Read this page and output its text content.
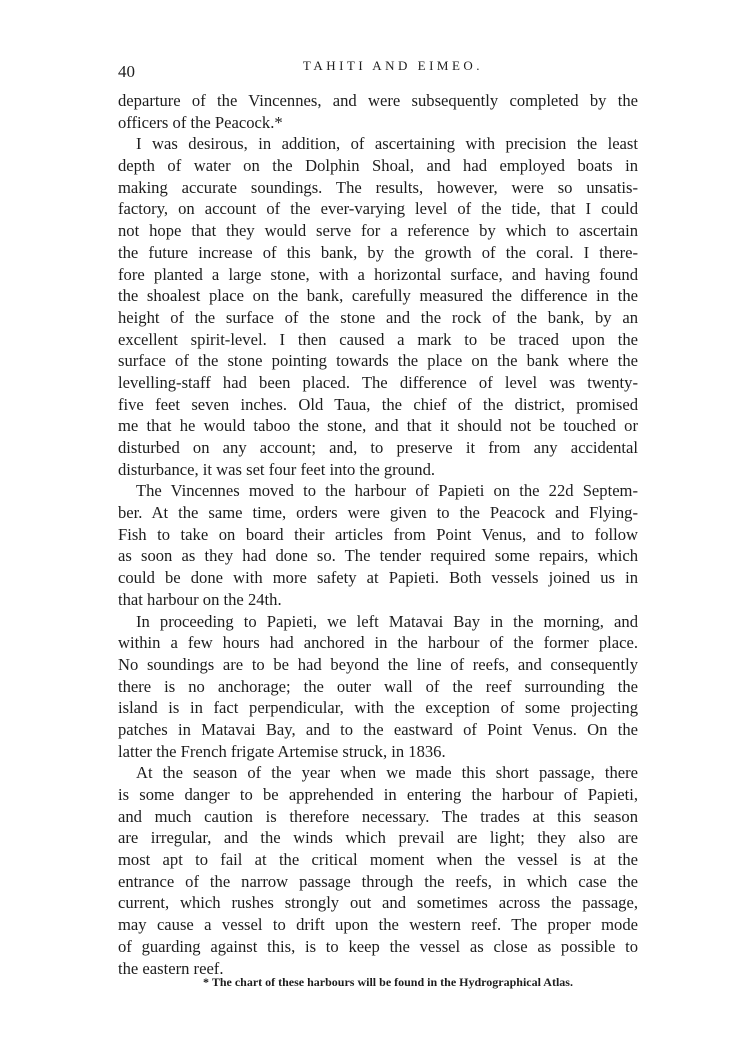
40	TAHITI AND EIMEO.
departure of the Vincennes, and were subsequently completed by the
officers of the Peacock.*
I was desirous, in addition, of ascertaining with precision the least
depth of water on the Dolphin Shoal, and had employed boats in
making accurate soundings. The results, however, were so unsatis-
factory, on account of the ever-varying level of the tide, that I could
not hope that they would serve for a reference by which to ascertain
the future increase of this bank, by the growth of the coral. I there-
fore planted a large stone, with a horizontal surface, and having found
the shoalest place on the bank, carefully measured the difference in the
height of the surface of the stone and the rock of the bank, by an
excellent spirit-level. I then caused a mark to be traced upon the
surface of the stone pointing towards the place on the bank where the
levelling-staff had been placed. The difference of level was twenty-
five feet seven inches. Old Taua, the chief of the district, promised
me that he would taboo the stone, and that it should not be touched or
disturbed on any account; and, to preserve it from any accidental
disturbance, it was set four feet into the ground.
The Vincennes moved to the harbour of Papieti on the 22d Septem-
ber. At the same time, orders were given to the Peacock and Flying-
Fish to take on board their articles from Point Venus, and to follow
as soon as they had done so. The tender required some repairs, which
could be done with more safety at Papieti. Both vessels joined us in
that harbour on the 24th.
In proceeding to Papieti, we left Matavai Bay in the morning, and
within a few hours had anchored in the harbour of the former place.
No soundings are to be had beyond the line of reefs, and consequently
there is no anchorage; the outer wall of the reef surrounding the
island is in fact perpendicular, with the exception of some projecting
patches in Matavai Bay, and to the eastward of Point Venus. On the
latter the French frigate Artemise struck, in 1836.
At the season of the year when we made this short passage, there
is some danger to be apprehended in entering the harbour of Papieti,
and much caution is therefore necessary. The trades at this season
are irregular, and the winds which prevail are light; they also are
most apt to fail at the critical moment when the vessel is at the
entrance of the narrow passage through the reefs, in which case the
current, which rushes strongly out and sometimes across the passage,
may cause a vessel to drift upon the western reef. The proper mode
of guarding against this, is to keep the vessel as close as possible to
the eastern reef.
* The chart of these harbours will be found in the Hydrographical Atlas.
